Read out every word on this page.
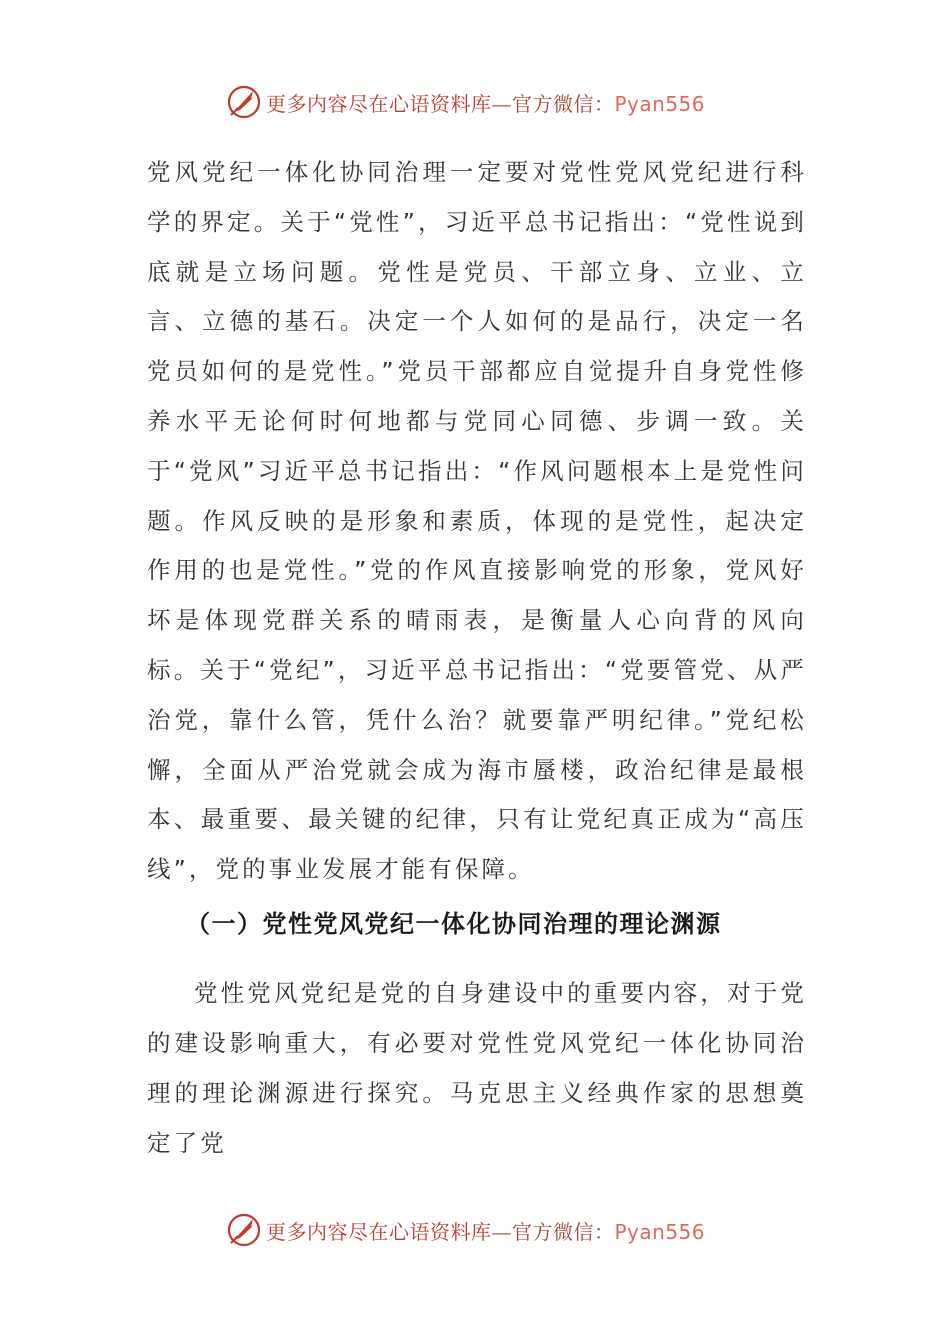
更多内容尽在心语资料库—官方微信：Pyan556

党风党纪一体化协同治理一定要对党性党风党纪进行科学的界定。关于“党性”，习近平总书记指出：“党性说到底就是立场问题。党性是党员、干部立身、立业、立言、立德的基石。决定一个人如何的是品行，决定一名党员如何的是党性。”党员干部都应自觉提升自身党性修养水平无论何时何地都与党同心同德、步调一致。关于“党风”习近平总书记指出：“作风问题根本上是党性问题。作风反映的是形象和素质，体现的是党性，起决定作用的也是党性。”党的作风直接影响党的形象，党风好坏是体现党群关系的晴雨表，是衡量人心向背的风向标。关于“党纪”，习近平总书记指出：“党要管党、从严治党，靠什么管，凭什么治？就要靠严明纪律。”党纪松懈，全面从严治党就会成为海市蜃楼，政治纪律是最根本、最重要、最关键的纪律，只有让党纪真正成为“高压线”，党的事业发展才能有保障。

（一）党性党风党纪一体化协同治理的理论渊源

党性党风党纪是党的自身建设中的重要内容，对于党的建设影响重大，有必要对党性党风党纪一体化协同治理的理论渊源进行探究。马克思主义经典作家的思想奠定了党

更多内容尽在心语资料库—官方微信：Pyan556
